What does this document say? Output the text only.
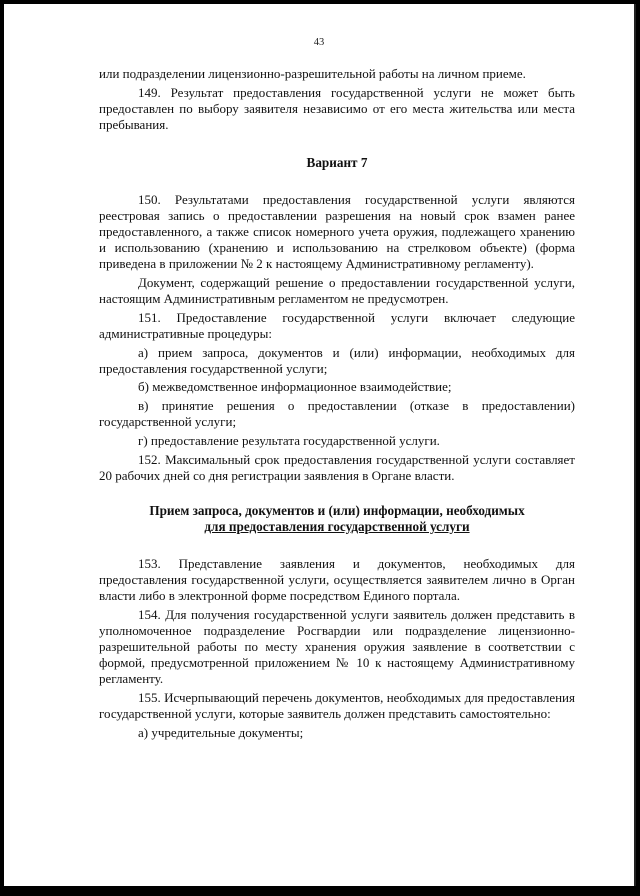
43

или подразделении лицензионно-разрешительной работы на личном приеме.

149. Результат предоставления государственной услуги не может быть предоставлен по выбору заявителя независимо от его места жительства или места пребывания.

Вариант 7

150. Результатами предоставления государственной услуги являются реестровая запись о предоставлении разрешения на новый срок взамен ранее предоставленного, а также список номерного учета оружия, подлежащего хранению и использованию (хранению и использованию на стрелковом объекте) (форма приведена в приложении № 2 к настоящему Административному регламенту).

Документ, содержащий решение о предоставлении государственной услуги, настоящим Административным регламентом не предусмотрен.

151. Предоставление государственной услуги включает следующие административные процедуры:

а) прием запроса, документов и (или) информации, необходимых для предоставления государственной услуги;

б) межведомственное информационное взаимодействие;

в) принятие решения о предоставлении (отказе в предоставлении) государственной услуги;

г) предоставление результата государственной услуги.

152. Максимальный срок предоставления государственной услуги составляет 20 рабочих дней со дня регистрации заявления в Органе власти.

Прием запроса, документов и (или) информации, необходимых
для предоставления государственной услуги

153. Представление заявления и документов, необходимых для предоставления государственной услуги, осуществляется заявителем лично в Орган власти либо в электронной форме посредством Единого портала.

154. Для получения государственной услуги заявитель должен представить в уполномоченное подразделение Росгвардии или подразделение лицензионно-разрешительной работы по месту хранения оружия заявление в соответствии с формой, предусмотренной приложением № 10 к настоящему Административному регламенту.

155. Исчерпывающий перечень документов, необходимых для предоставления государственной услуги, которые заявитель должен представить самостоятельно:

а) учредительные документы;
